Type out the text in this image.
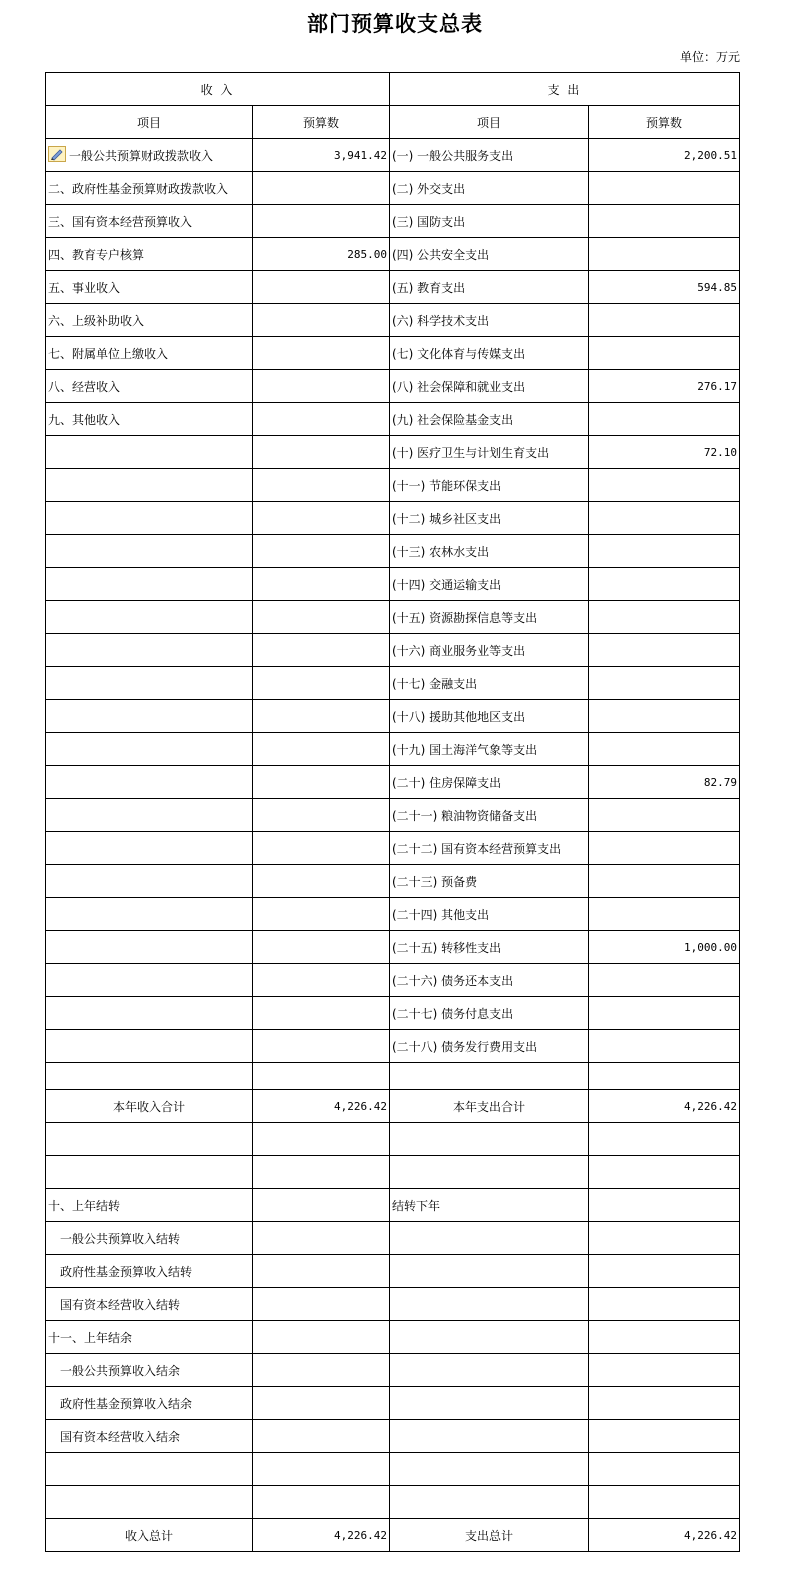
部门预算收支总表
单位：万元
收 入		支 出	
项目	预算数	项目	预算数

一般公共预算财政拨款收入	3,941.42	(一) 一般公共服务支出	2,200.51
二、政府性基金预算财政拨款收入		(二) 外交支出	
三、国有资本经营预算收入		(三) 国防支出	
四、教育专户核算	285.00	(四) 公共安全支出	
五、事业收入		(五) 教育支出	594.85
六、上级补助收入		(六) 科学技术支出	
七、附属单位上缴收入		(七) 文化体育与传媒支出	
八、经营收入		(八) 社会保障和就业支出	276.17
九、其他收入		(九) 社会保险基金支出	
		(十) 医疗卫生与计划生育支出	72.10
		(十一) 节能环保支出	
		(十二) 城乡社区支出	
		(十三) 农林水支出	
		(十四) 交通运输支出	
		(十五) 资源勘探信息等支出	
		(十六) 商业服务业等支出	
		(十七) 金融支出	
		(十八) 援助其他地区支出	
		(十九) 国土海洋气象等支出	
		(二十) 住房保障支出	82.79
		(二十一) 粮油物资储备支出	
		(二十二) 国有资本经营预算支出	
		(二十三) 预备费	
		(二十四) 其他支出	
		(二十五) 转移性支出	1,000.00
		(二十六) 债务还本支出	
		(二十七) 债务付息支出	
		(二十八) 债务发行费用支出	

本年收入合计	4,226.42	本年支出合计	4,226.42

十、上年结转		结转下年	
一般公共预算收入结转			
政府性基金预算收入结转			
国有资本经营收入结转			
十一、上年结余			
一般公共预算收入结余			
政府性基金预算收入结余			
国有资本经营收入结余			

收入总计	4,226.42	支出总计	4,226.42
